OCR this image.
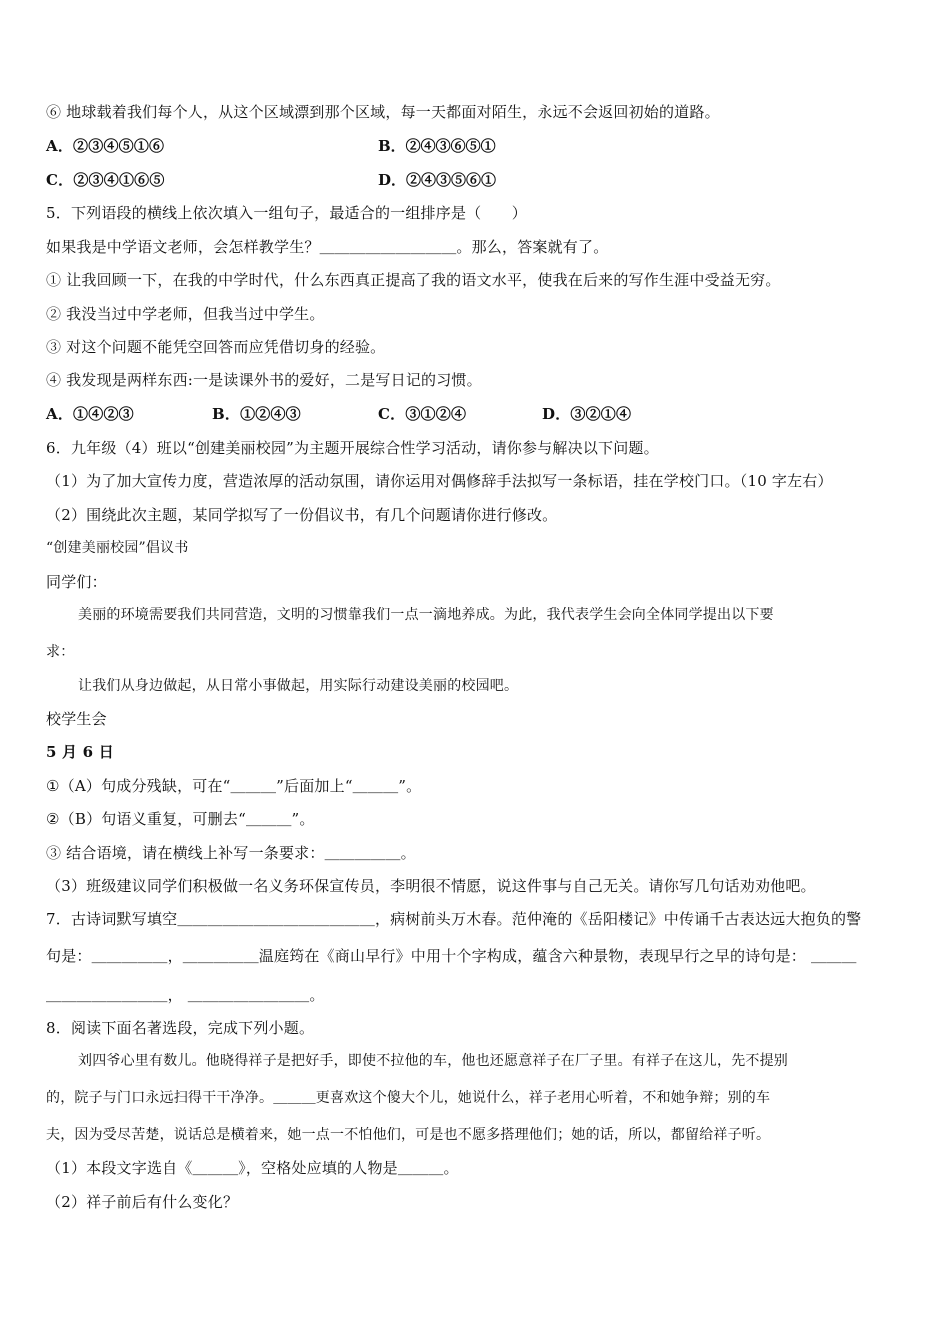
⑥ 地球载着我们每个人，从这个区域漂到那个区域，每一天都面对陌生，永远不会返回初始的道路。
A．②③④⑤①⑥	B．②④③⑥⑤①
C．②③④①⑥⑤	D．②④③⑤⑥①
5．下列语段的横线上依次填入一组句子，最适合的一组排序是（　　）
如果我是中学语文老师，会怎样教学生？＿＿＿＿＿＿＿＿＿。那么，答案就有了。
① 让我回顾一下，在我的中学时代，什么东西真正提高了我的语文水平，使我在后来的写作生涯中受益无穷。
② 我没当过中学老师，但我当过中学生。
③ 对这个问题不能凭空回答而应凭借切身的经验。
④ 我发现是两样东西:一是读课外书的爱好，二是写日记的习惯。
A．①④②③	B．①②④③	C．③①②④	D．③②①④
6．九年级（4）班以“创建美丽校园”为主题开展综合性学习活动，请你参与解决以下问题。
（1）为了加大宣传力度，营造浓厚的活动氛围，请你运用对偶修辞手法拟写一条标语，挂在学校门口。（10 字左右）
（2）围绕此次主题，某同学拟写了一份倡议书，有几个问题请你进行修改。
“创建美丽校园”倡议书
同学们：
美丽的环境需要我们共同营造，文明的习惯靠我们一点一滴地养成。为此，我代表学生会向全体同学提出以下要
求：
让我们从身边做起，从日常小事做起，用实际行动建设美丽的校园吧。
校学生会
5 月 6 日
①（A）句成分残缺，可在“＿＿＿”后面加上“＿＿＿”。
②（B）句语义重复，可删去“＿＿＿”。
③ 结合语境，请在横线上补写一条要求：＿＿＿＿＿。
（3）班级建议同学们积极做一名义务环保宣传员，李明很不情愿，说这件事与自己无关。请你写几句话劝劝他吧。
7．古诗词默写填空＿＿＿＿＿＿＿＿＿＿＿＿＿，病树前头万木春。范仲淹的《岳阳楼记》中传诵千古表达远大抱负的警
句是：＿＿＿＿＿，＿＿＿＿＿温庭筠在《商山早行》中用十个字构成，蕴含六种景物，表现早行之早的诗句是： ＿＿＿
＿＿＿＿＿＿＿＿， ＿＿＿＿＿＿＿＿。
8．阅读下面名著选段，完成下列小题。
刘四爷心里有数儿。他晓得祥子是把好手，即使不拉他的车，他也还愿意祥子在厂子里。有祥子在这儿，先不提别
的，院子与门口永远扫得干干净净。＿＿＿更喜欢这个傻大个儿，她说什么，祥子老用心听着，不和她争辩；别的车
夫，因为受尽苦楚，说话总是横着来，她一点一不怕他们，可是也不愿多搭理他们；她的话，所以，都留给祥子听。
（1）本段文字选自《＿＿＿》，空格处应填的人物是＿＿＿。
（2）祥子前后有什么变化？
